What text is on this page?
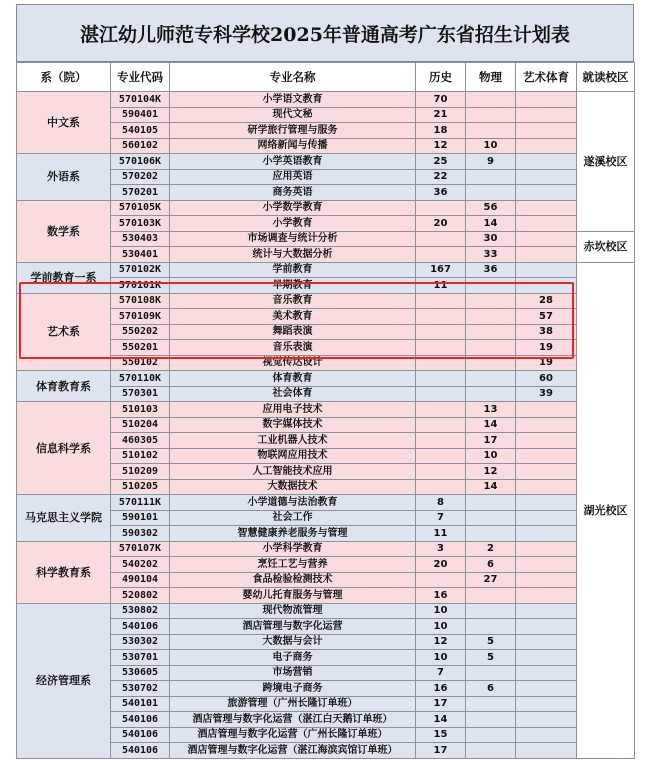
湛江幼儿师范专科学校2025年普通高考广东省招生计划表
系（院）	专业代码	专业名称	历史	物理	艺术体育	就读校区
中文系	570104K	小学语文教育	70			遂溪校区
	590401	现代文秘	21			
	540105	研学旅行管理与服务	18			
	560102	网络新闻与传播	12	10		
外语系	570106K	小学英语教育	25	9		
	570202	应用英语	22			
	570201	商务英语	36			
数学系	570105K	小学数学教育		56		
	570103K	小学教育	20	14		
	530403	市场调查与统计分析		30		赤坎校区
	530401	统计与大数据分析		33		
学前教育一系	570102K	学前教育	167	36		湖光校区
	570101K	早期教育	11			
艺术系	570108K	音乐教育			28	
	570109K	美术教育			57	
	550202	舞蹈表演			38	
	550201	音乐表演			19	
	550102	视觉传达设计			19	
体育教育系	570110K	体育教育			60	
	570301	社会体育			39	
信息科学系	510103	应用电子技术		13		
	510204	数字媒体技术		14		
	460305	工业机器人技术		17		
	510102	物联网应用技术		10		
	510209	人工智能技术应用		12		
	510205	大数据技术		14		
马克思主义学院	570111K	小学道德与法治教育	8			
	590101	社会工作	7			
	590302	智慧健康养老服务与管理	11			
科学教育系	570107K	小学科学教育	3	2		
	540202	烹饪工艺与营养	20	6		
	490104	食品检验检测技术		27		
	520802	婴幼儿托育服务与管理	16			
经济管理系	530802	现代物流管理	10			
	540106	酒店管理与数字化运营	10			
	530302	大数据与会计	12	5		
	530701	电子商务	10	5		
	530605	市场营销	7			
	530702	跨境电子商务	16	6		
	540101	旅游管理（广州长隆订单班）	17			
	540106	酒店管理与数字化运营（湛江白天鹅订单班）	14			
	540106	酒店管理与数字化运营（广州长隆订单班）	15			
	540106	酒店管理与数字化运营（湛江海滨宾馆订单班）	17			
